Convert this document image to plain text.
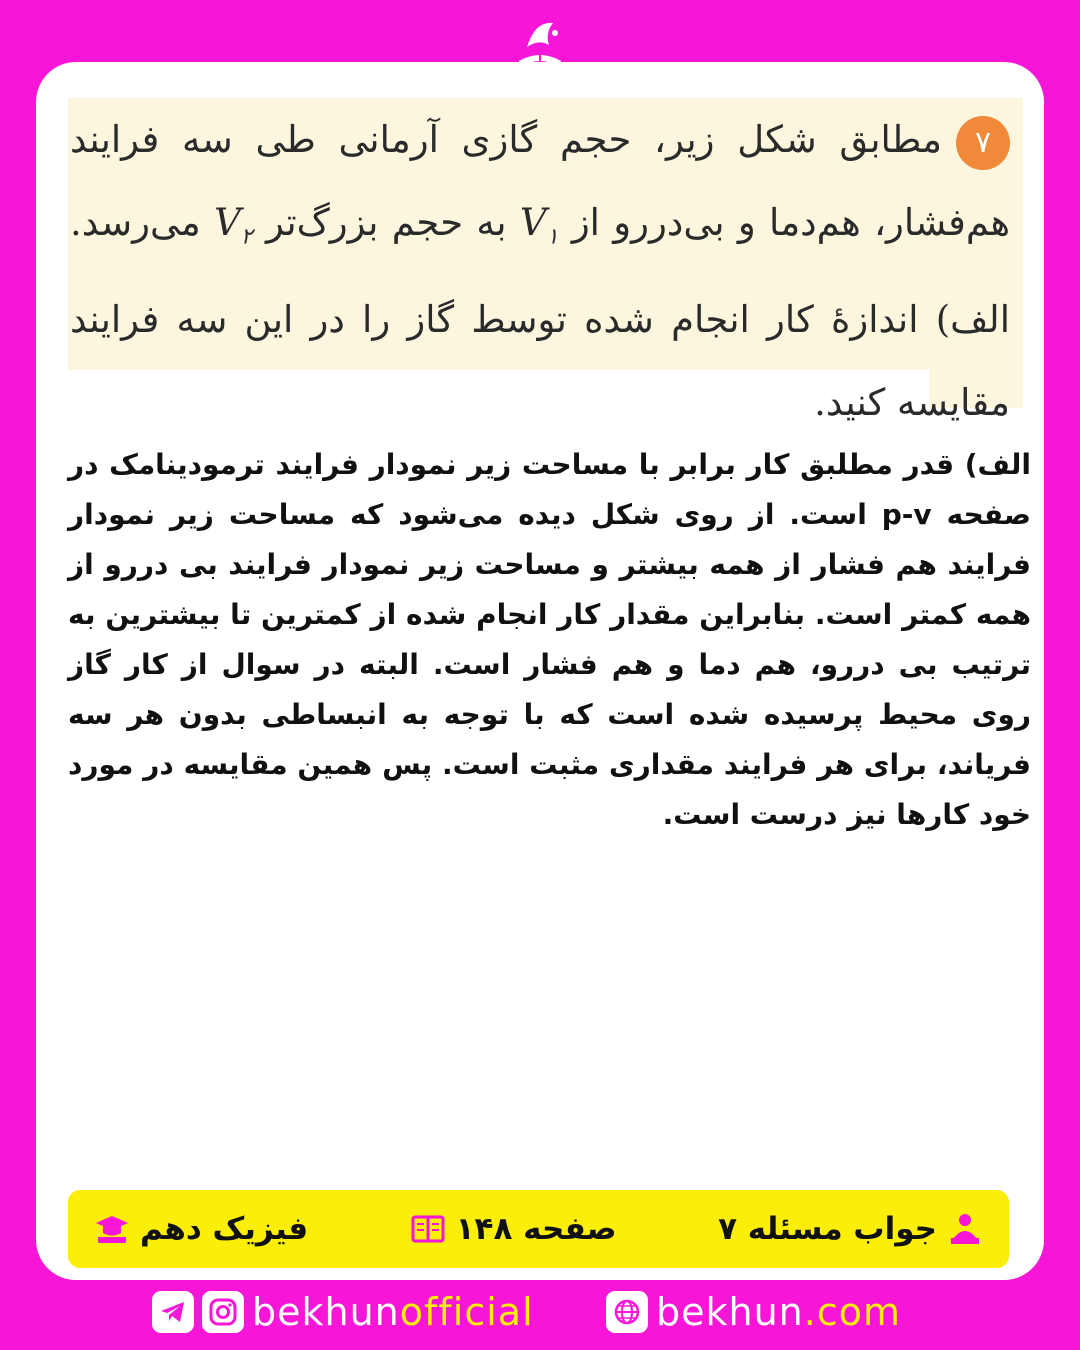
۷مطابق شکل زیر، حجم گازی آرمانی طی سه فرایند هم‌فشار، هم‌دما و بی‌دررو از $V_۱$ به حجم بزرگ‌تر $V_۲$ می‌رسد. الف) اندازهٔ کار انجام شده توسط گاز را در این سه فرایند مقایسه کنید.
الف) قدر مطلبق کار برابر با مساحت زیر نمودار فرایند ترمودینامک در صفحه p-v است. از روی شکل دیده می‌شود که مساحت زیر نمودار فرایند هم فشار از همه بیشتر و مساحت زیر نمودار فرایند بی دررو از همه کمتر است. بنابراین مقدار کار انجام شده از کمترین تا بیشترین به ترتیب بی دررو، هم دما و هم فشار است. البته در سوال از کار گاز روی محیط پرسیده شده است که با توجه به انبساطی بدون هر سه فریاند، برای هر فرایند مقداری مثبت است. پس همین مقایسه در مورد خود کارها نیز درست است.
جواب مسئله ۷
صفحه ۱۴۸
فیزیک دهم
bekhunofficial	bekhun.com
